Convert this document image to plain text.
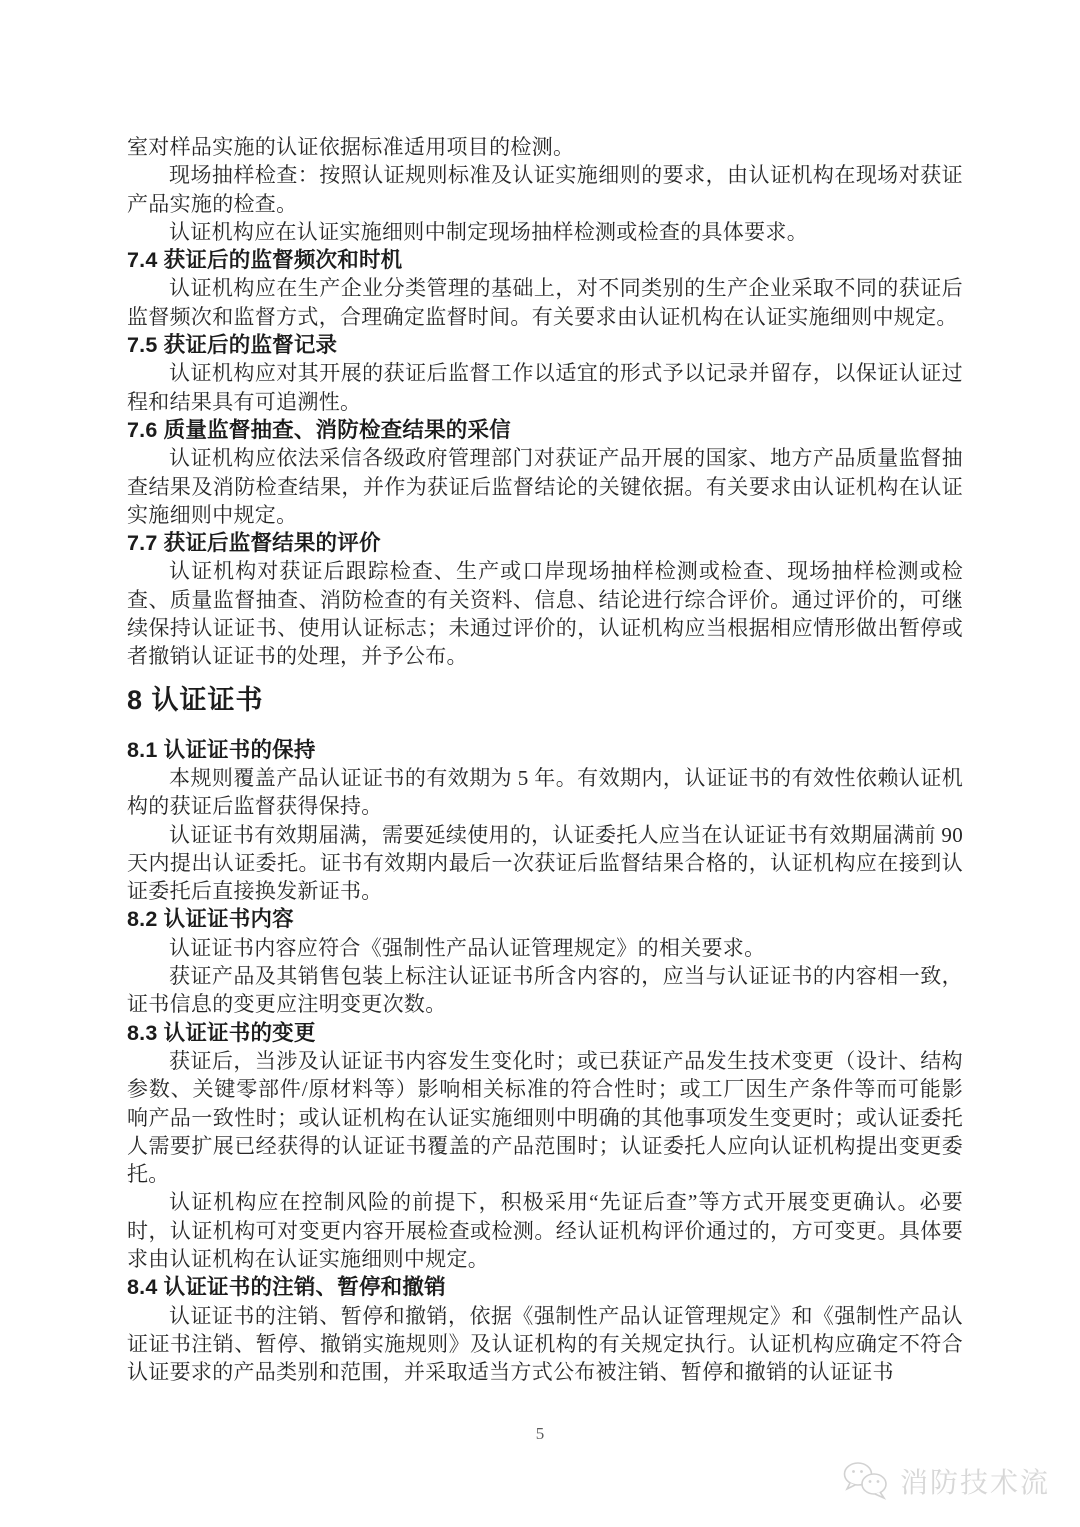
室对样品实施的认证依据标准适用项目的检测。

现场抽样检查：按照认证规则标准及认证实施细则的要求，由认证机构在现场对获证产品实施的检查。

认证机构应在认证实施细则中制定现场抽样检测或检查的具体要求。

7.4 获证后的监督频次和时机

认证机构应在生产企业分类管理的基础上，对不同类别的生产企业采取不同的获证后监督频次和监督方式，合理确定监督时间。有关要求由认证机构在认证实施细则中规定。

7.5 获证后的监督记录

认证机构应对其开展的获证后监督工作以适宜的形式予以记录并留存，以保证认证过程和结果具有可追溯性。

7.6 质量监督抽查、消防检查结果的采信

认证机构应依法采信各级政府管理部门对获证产品开展的国家、地方产品质量监督抽查结果及消防检查结果，并作为获证后监督结论的关键依据。有关要求由认证机构在认证实施细则中规定。

7.7 获证后监督结果的评价

认证机构对获证后跟踪检查、生产或口岸现场抽样检测或检查、现场抽样检测或检查、质量监督抽查、消防检查的有关资料、信息、结论进行综合评价。通过评价的，可继续保持认证证书、使用认证标志；未通过评价的，认证机构应当根据相应情形做出暂停或者撤销认证证书的处理，并予公布。

8 认证证书
8.1 认证证书的保持

本规则覆盖产品认证证书的有效期为 5 年。有效期内，认证证书的有效性依赖认证机构的获证后监督获得保持。

认证证书有效期届满，需要延续使用的，认证委托人应当在认证证书有效期届满前 90 天内提出认证委托。证书有效期内最后一次获证后监督结果合格的，认证机构应在接到认证委托后直接换发新证书。

8.2 认证证书内容

认证证书内容应符合《强制性产品认证管理规定》的相关要求。

获证产品及其销售包装上标注认证证书所含内容的，应当与认证证书的内容相一致，证书信息的变更应注明变更次数。

8.3 认证证书的变更

获证后，当涉及认证证书内容发生变化时；或已获证产品发生技术变更（设计、结构参数、关键零部件/原材料等）影响相关标准的符合性时；或工厂因生产条件等而可能影响产品一致性时；或认证机构在认证实施细则中明确的其他事项发生变更时；或认证委托人需要扩展已经获得的认证证书覆盖的产品范围时；认证委托人应向认证机构提出变更委托。

认证机构应在控制风险的前提下，积极采用“先证后查”等方式开展变更确认。必要时，认证机构可对变更内容开展检查或检测。经认证机构评价通过的，方可变更。具体要求由认证机构在认证实施细则中规定。

8.4 认证证书的注销、暂停和撤销

认证证书的注销、暂停和撤销，依据《强制性产品认证管理规定》和《强制性产品认证证书注销、暂停、撤销实施规则》及认证机构的有关规定执行。认证机构应确定不符合认证要求的产品类别和范围，并采取适当方式公布被注销、暂停和撤销的认证证书

5
消防技术流
